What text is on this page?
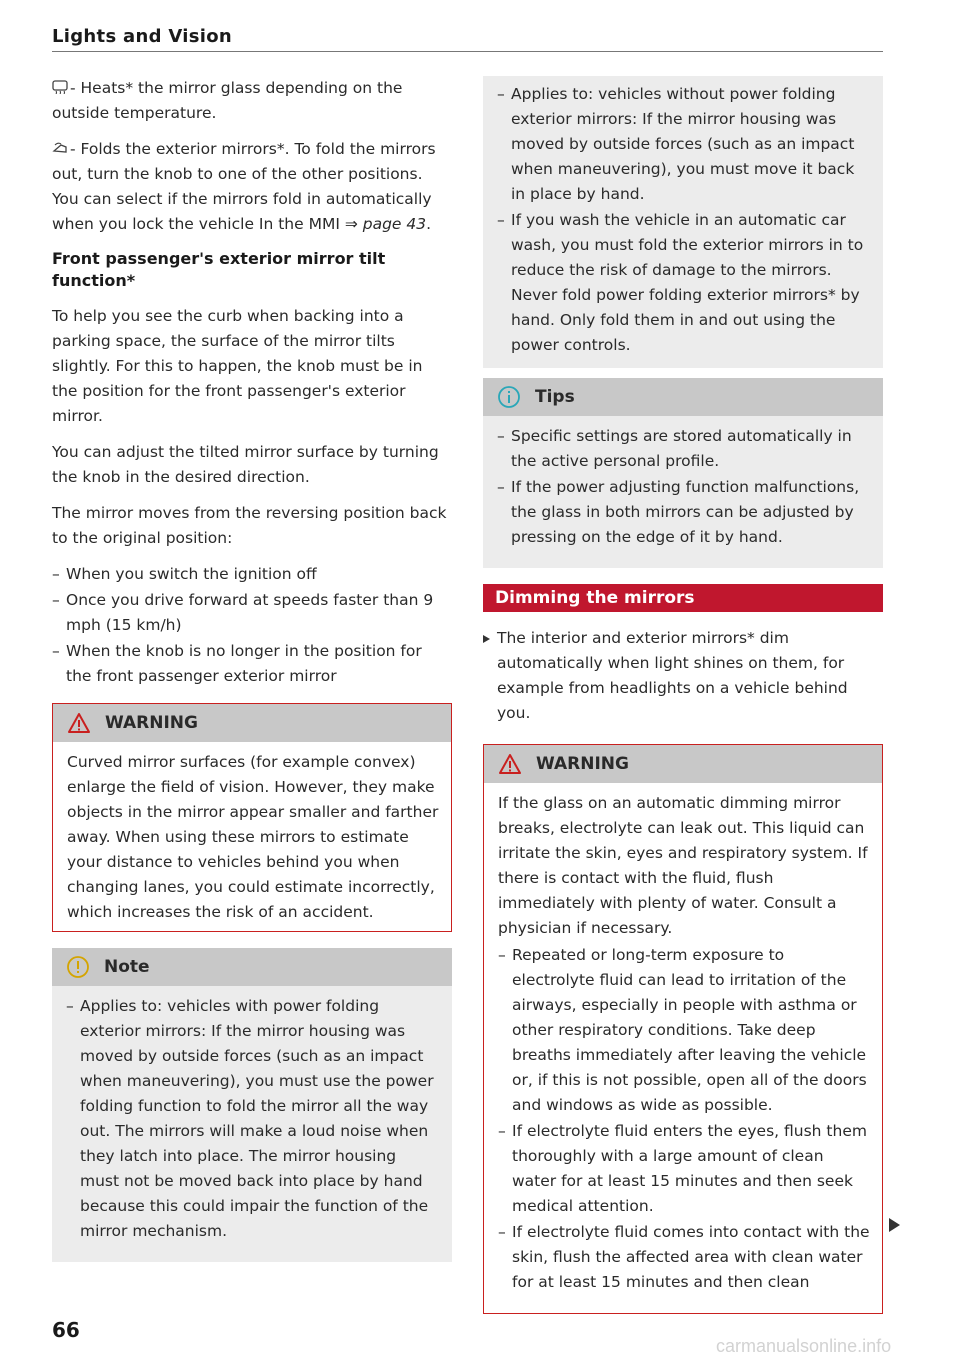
Lights and Vision

- Heats* the mirror glass depending on the outside temperature.

- Folds the exterior mirrors*. To fold the mirrors out, turn the knob to one of the other positions. You can select if the mirrors fold in automatically when you lock the vehicle In the MMI ⇒ page 43.

Front passenger's exterior mirror tilt function*

To help you see the curb when backing into a parking space, the surface of the mirror tilts slightly. For this to happen, the knob must be in the position for the front passenger's exterior mirror.

You can adjust the tilted mirror surface by turning the knob in the desired direction.

The mirror moves from the reversing position back to the original position:

– When you switch the ignition off
– Once you drive forward at speeds faster than 9 mph (15 km/h)
– When the knob is no longer in the position for the front passenger exterior mirror
WARNING

Curved mirror surfaces (for example convex) enlarge the field of vision. However, they make objects in the mirror appear smaller and farther away. When using these mirrors to estimate your distance to vehicles behind you when changing lanes, you could estimate incorrectly, which increases the risk of an accident.

Note
– Applies to: vehicles with power folding exterior mirrors: If the mirror housing was moved by outside forces (such as an impact when maneuvering), you must use the power folding function to fold the mirror all the way out. The mirrors will make a loud noise when they latch into place. The mirror housing must not be moved back into place by hand because this could impair the function of the mirror mechanism.
– Applies to: vehicles without power folding exterior mirrors: If the mirror housing was moved by outside forces (such as an impact when maneuvering), you must move it back in place by hand.
– If you wash the vehicle in an automatic car wash, you must fold the exterior mirrors in to reduce the risk of damage to the mirrors. Never fold power folding exterior mirrors* by hand. Only fold them in and out using the power controls.
Tips
– Specific settings are stored automatically in the active personal profile.
– If the power adjusting function malfunctions, the glass in both mirrors can be adjusted by pressing on the edge of it by hand.
Dimming the mirrors
The interior and exterior mirrors* dim automatically when light shines on them, for example from headlights on a vehicle behind you.
WARNING

If the glass on an automatic dimming mirror breaks, electrolyte can leak out. This liquid can irritate the skin, eyes and respiratory system. If there is contact with the fluid, flush immediately with plenty of water. Consult a physician if necessary.

– Repeated or long-term exposure to electrolyte fluid can lead to irritation of the airways, especially in people with asthma or other respiratory conditions. Take deep breaths immediately after leaving the vehicle or, if this is not possible, open all of the doors and windows as wide as possible.
– If electrolyte fluid enters the eyes, flush them thoroughly with a large amount of clean water for at least 15 minutes and then seek medical attention.
– If electrolyte fluid comes into contact with the skin, flush the affected area with clean water for at least 15 minutes and then clean
66
carmanualsonline.info
